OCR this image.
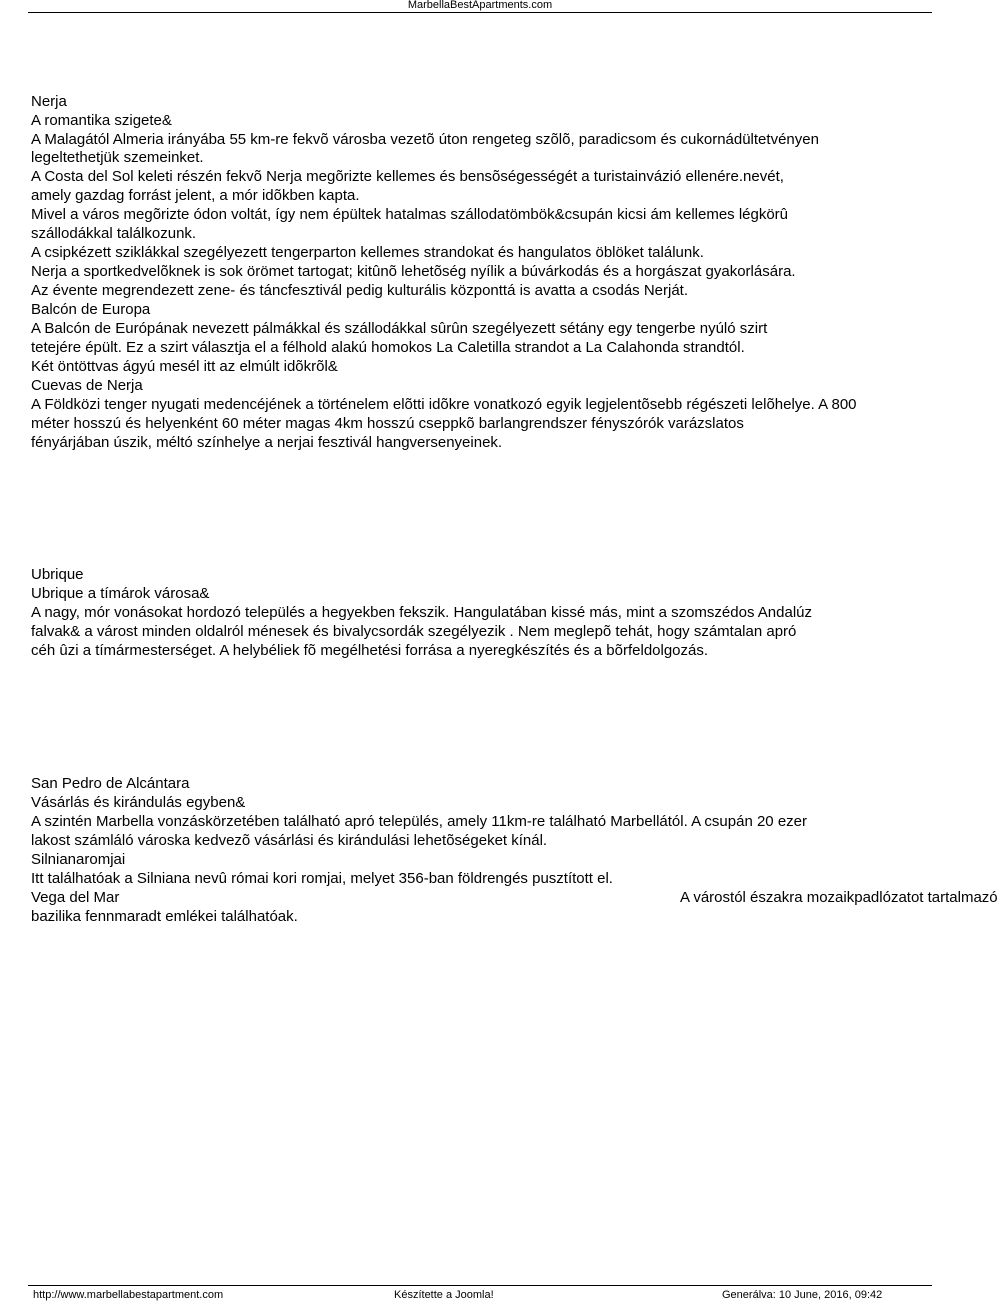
MarbellaBestApartments.com
Nerja
A romantika szigete&
A Malagától Almeria irányába 55 km-re fekvõ városba vezetõ úton rengeteg szõlõ, paradicsom és cukornádültetvényen
legeltethetjük szemeinket.
A Costa del Sol keleti részén fekvõ Nerja megõrizte kellemes és bensõségességét a turistainvázió ellenére.nevét,
amely gazdag forrást jelent, a mór idõkben kapta.
Mivel a város megõrizte ódon voltát, így nem épültek hatalmas szállodatömbök&csupán kicsi ám kellemes légkörû
szállodákkal találkozunk.
A csipkézett sziklákkal szegélyezett tengerparton kellemes strandokat és hangulatos öblöket találunk.
Nerja a sportkedvelõknek is sok örömet tartogat; kitûnõ lehetõség nyílik a búvárkodás és a horgászat gyakorlására.
Az évente megrendezett zene- és táncfesztivál pedig kulturális központtá is avatta a csodás Nerját.
Balcón de Europa
A Balcón de Európának nevezett pálmákkal és szállodákkal sûrûn szegélyezett sétány egy tengerbe nyúló szirt
tetejére épült. Ez a szirt választja el a félhold alakú homokos La Caletilla strandot a La Calahonda strandtól.
Két öntöttvas ágyú mesél itt az elmúlt idõkrõl&
Cuevas de Nerja
A Földközi tenger nyugati medencéjének a történelem elõtti idõkre vonatkozó egyik legjelentõsebb régészeti lelõhelye. A 800
méter hosszú és helyenként 60 méter magas 4km hosszú cseppkõ barlangrendszer fényszórók varázslatos
fényárjában úszik, méltó színhelye a nerjai fesztivál hangversenyeinek.
Ubrique
Ubrique a tímárok városa&
A nagy, mór vonásokat hordozó település a hegyekben fekszik. Hangulatában kissé más, mint a szomszédos Andalúz
falvak& a várost minden oldalról ménesek és bivalycsordák szegélyezik . Nem meglepõ tehát, hogy számtalan apró
céh ûzi a tímármesterséget. A helybéliek fõ megélhetési forrása a nyeregkészítés és a bõrfeldolgozás.
San Pedro de Alcántara
Vásárlás és kirándulás egyben&
A szintén Marbella vonzáskörzetében található apró település, amely 11km-re található Marbellától. A csupán 20 ezer
lakost számláló városka kedvezõ vásárlási és kirándulási lehetõségeket kínál.
Silnianaromjai
Itt találhatóak a Silniana nevû római kori romjai, melyet 356-ban földrengés pusztított el.
Vega del Mar	A várostól északra mozaikpadlózatot tartalmazó
bazilika fennmaradt emlékei találhatóak.
http://www.marbellabestapartment.com	Készítette a Joomla!	Generálva: 10 June, 2016, 09:42
